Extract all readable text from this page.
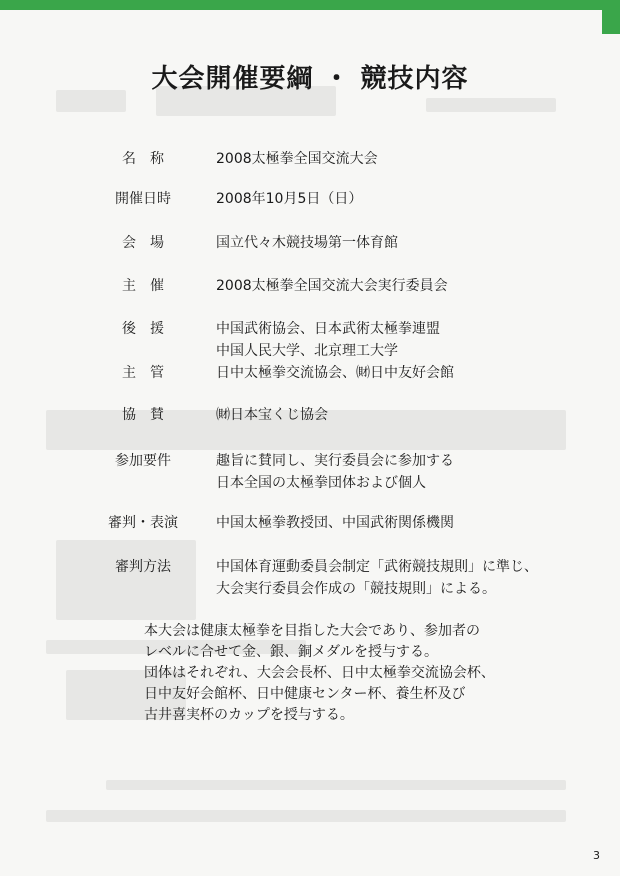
大会開催要綱 ・ 競技内容
名　称	2008太極拳全国交流大会
開催日時	2008年10月5日（日）
会　場	国立代々木競技場第一体育館
主　催	2008太極拳全国交流大会実行委員会
後　援	中国武術協会、日本武術太極拳連盟
中国人民大学、北京理工大学
主　管	日中太極拳交流協会、㈶日中友好会館
協　賛	㈶日本宝くじ協会
参加要件	趣旨に賛同し、実行委員会に参加する
日本全国の太極拳団体および個人
審判・表演	中国太極拳教授団、中国武術関係機関
審判方法	中国体育運動委員会制定「武術競技規則」に準じ、
大会実行委員会作成の「競技規則」による。
本大会は健康太極拳を目指した大会であり、参加者の
レベルに合せて金、銀、銅メダルを授与する。
団体はそれぞれ、大会会長杯、日中太極拳交流協会杯、
日中友好会館杯、日中健康センター杯、養生杯及び
古井喜実杯のカップを授与する。
3
